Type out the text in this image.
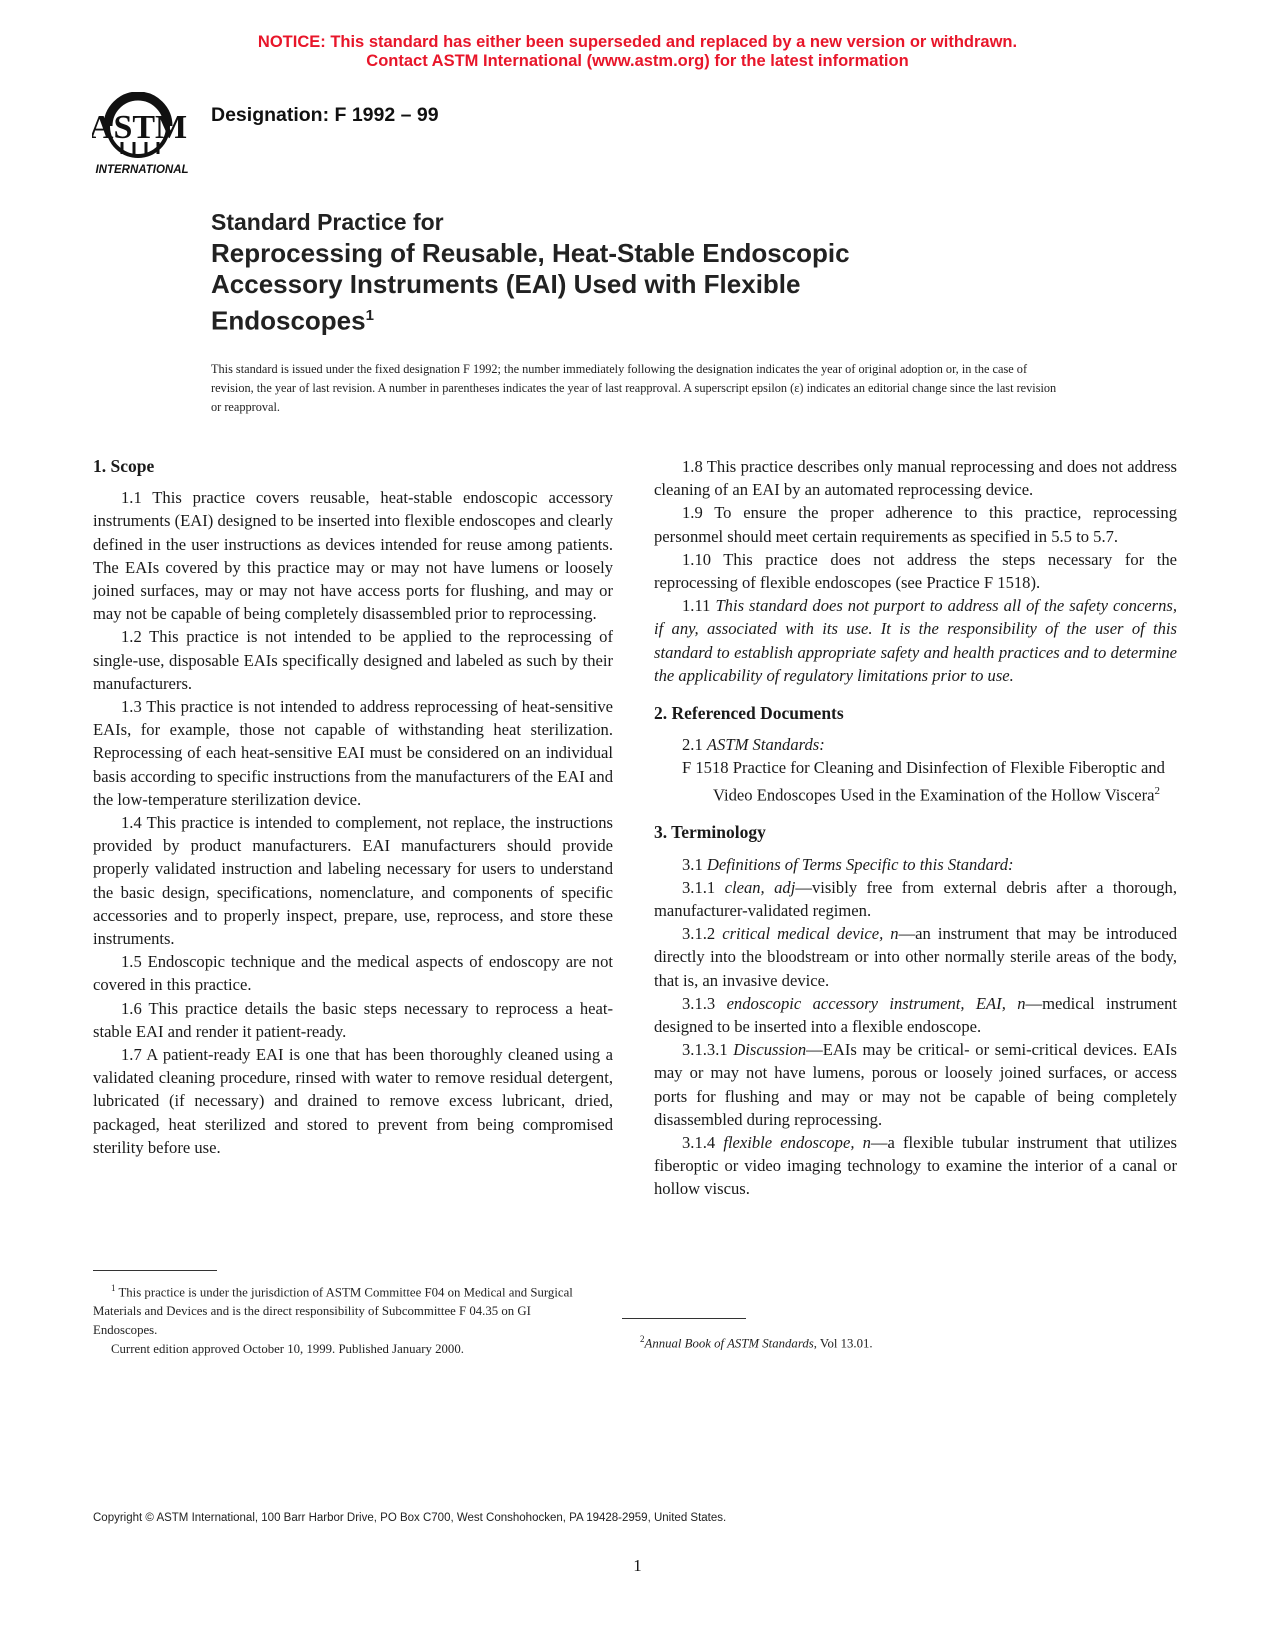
NOTICE: This standard has either been superseded and replaced by a new version or withdrawn.
Contact ASTM International (www.astm.org) for the latest information
ASTM
INTERNATIONAL
Designation: F 1992 – 99
Standard Practice for
Reprocessing of Reusable, Heat-Stable Endoscopic
Accessory Instruments (EAI) Used with Flexible
Endoscopes$^1$
This standard is issued under the fixed designation F 1992; the number immediately following the designation indicates the year of original adoption or, in the case of revision, the year of last revision. A number in parentheses indicates the year of last reapproval. A superscript epsilon (ε) indicates an editorial change since the last revision or reapproval.
1. Scope

1.1 This practice covers reusable, heat-stable endoscopic accessory instruments (EAI) designed to be inserted into flexible endoscopes and clearly defined in the user instructions as devices intended for reuse among patients. The EAIs covered by this practice may or may not have lumens or loosely joined surfaces, may or may not have access ports for flushing, and may or may not be capable of being completely disassembled prior to reprocessing.

1.2 This practice is not intended to be applied to the reprocessing of single-use, disposable EAIs specifically designed and labeled as such by their manufacturers.

1.3 This practice is not intended to address reprocessing of heat-sensitive EAIs, for example, those not capable of withstanding heat sterilization. Reprocessing of each heat-sensitive EAI must be considered on an individual basis according to specific instructions from the manufacturers of the EAI and the low-temperature sterilization device.

1.4 This practice is intended to complement, not replace, the instructions provided by product manufacturers. EAI manufacturers should provide properly validated instruction and labeling necessary for users to understand the basic design, specifications, nomenclature, and components of specific accessories and to properly inspect, prepare, use, reprocess, and store these instruments.

1.5 Endoscopic technique and the medical aspects of endoscopy are not covered in this practice.

1.6 This practice details the basic steps necessary to reprocess a heat-stable EAI and render it patient-ready.

1.7 A patient-ready EAI is one that has been thoroughly cleaned using a validated cleaning procedure, rinsed with water to remove residual detergent, lubricated (if necessary) and drained to remove excess lubricant, dried, packaged, heat sterilized and stored to prevent from being compromised sterility before use.

1.8 This practice describes only manual reprocessing and does not address cleaning of an EAI by an automated reprocessing device.

1.9 To ensure the proper adherence to this practice, reprocessing personmel should meet certain requirements as specified in 5.5 to 5.7.

1.10 This practice does not address the steps necessary for the reprocessing of flexible endoscopes (see Practice F 1518).

1.11 This standard does not purport to address all of the safety concerns, if any, associated with its use. It is the responsibility of the user of this standard to establish appropriate safety and health practices and to determine the applicability of regulatory limitations prior to use.

2. Referenced Documents

2.1 ASTM Standards:

F 1518 Practice for Cleaning and Disinfection of Flexible Fiberoptic and Video Endoscopes Used in the Examination of the Hollow Viscera$^2$

3. Terminology

3.1 Definitions of Terms Specific to this Standard:

3.1.1 clean, adj—visibly free from external debris after a thorough, manufacturer-validated regimen.

3.1.2 critical medical device, n—an instrument that may be introduced directly into the bloodstream or into other normally sterile areas of the body, that is, an invasive device.

3.1.3 endoscopic accessory instrument, EAI, n—medical instrument designed to be inserted into a flexible endoscope.

3.1.3.1 Discussion—EAIs may be critical- or semi-critical devices. EAIs may or may not have lumens, porous or loosely joined surfaces, or access ports for flushing and may or may not be capable of being completely disassembled during reprocessing.

3.1.4 flexible endoscope, n—a flexible tubular instrument that utilizes fiberoptic or video imaging technology to examine the interior of a canal or hollow viscus.

$^1$ This practice is under the jurisdiction of ASTM Committee F04 on Medical and Surgical Materials and Devices and is the direct responsibility of Subcommittee F 04.35 on GI Endoscopes.

Current edition approved October 10, 1999. Published January 2000.

$^2$Annual Book of ASTM Standards, Vol 13.01.

Copyright © ASTM International, 100 Barr Harbor Drive, PO Box C700, West Conshohocken, PA 19428-2959, United States.
1
